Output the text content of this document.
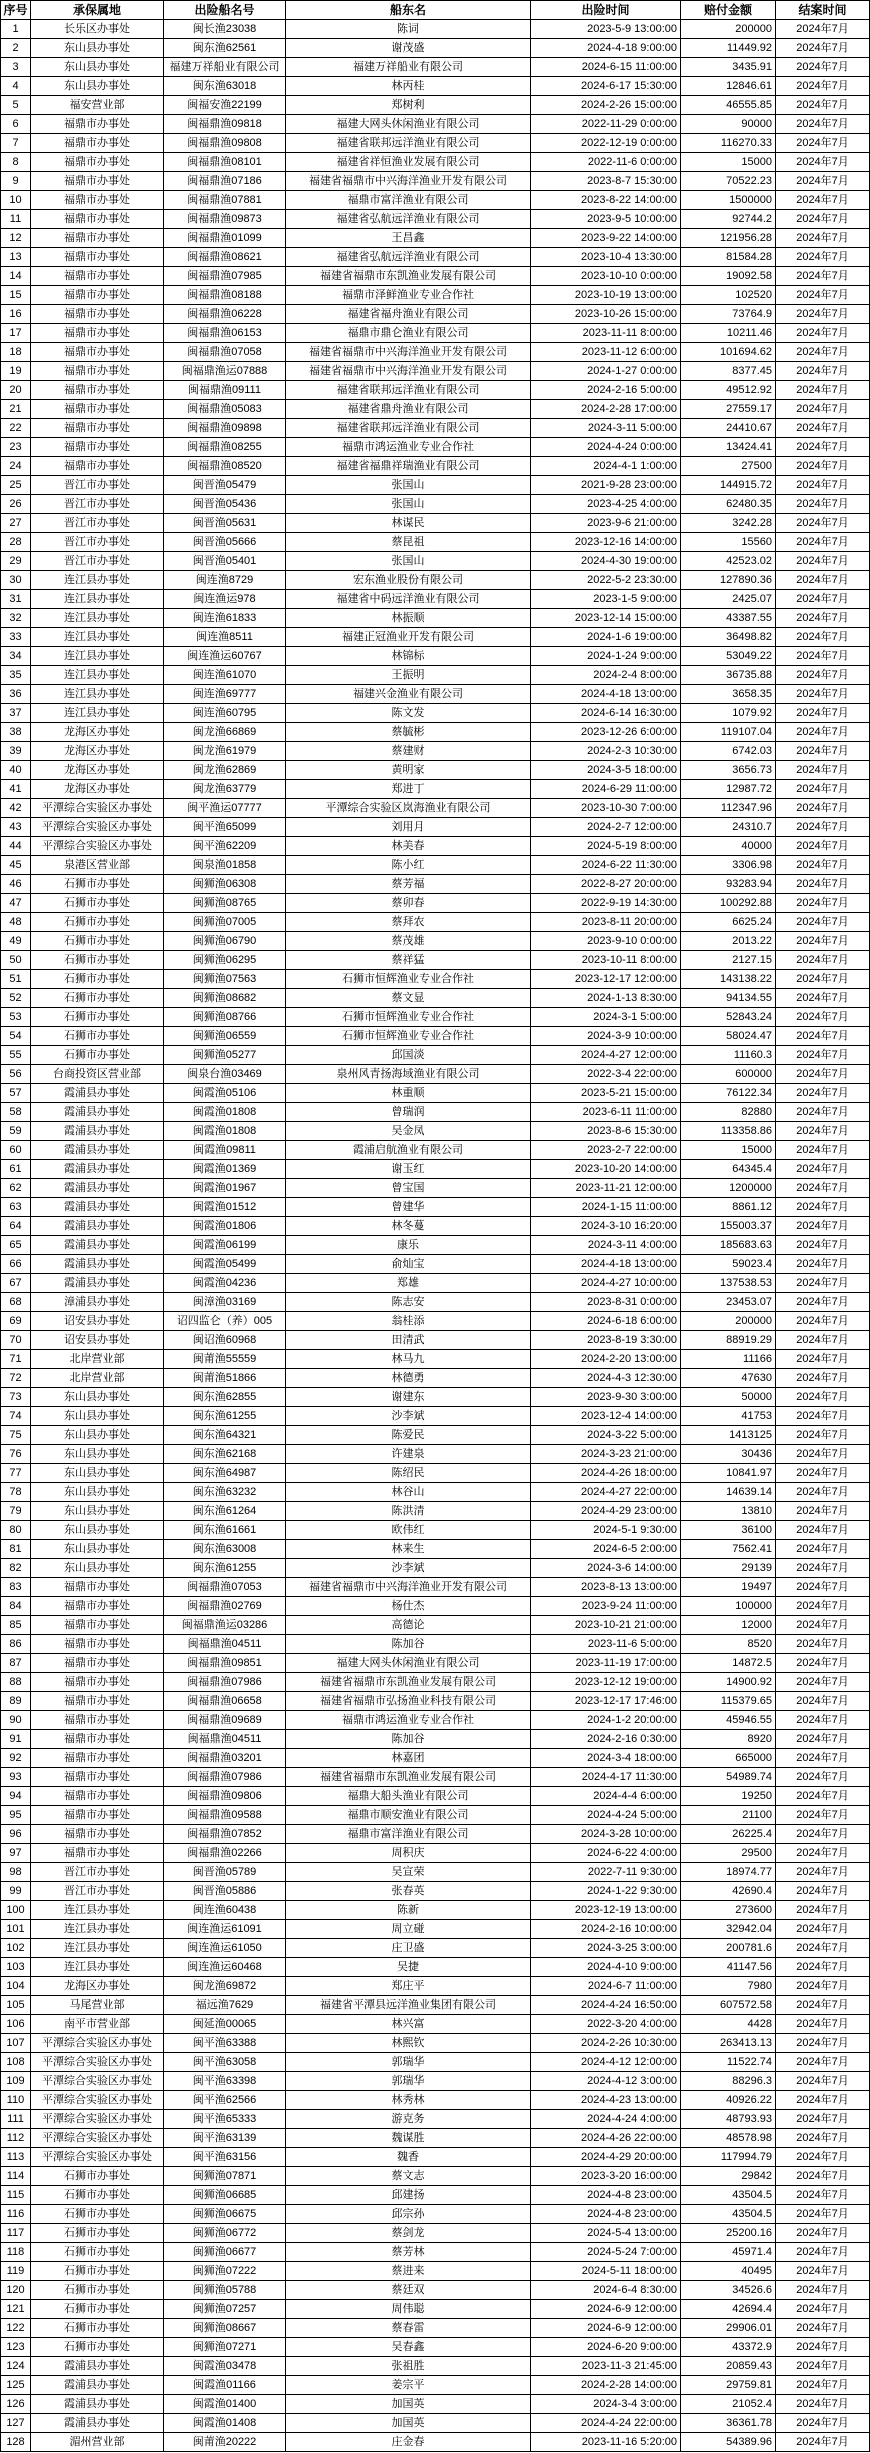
序号	承保属地	出险船名号	船东名	出险时间	赔付金额	结案时间
1	长乐区办事处	闽长渔23038	陈词	2023-5-9 13:00:00	200000	2024年7月
2	东山县办事处	闽东渔62561	谢茂盛	2024-4-18 9:00:00	11449.92	2024年7月
3	东山县办事处	福建万祥船业有限公司	福建万祥船业有限公司	2024-6-15 11:00:00	3435.91	2024年7月
4	东山县办事处	闽东渔63018	林丙桂	2024-6-17 15:30:00	12846.61	2024年7月
5	福安营业部	闽福安渔22199	郑树利	2024-2-26 15:00:00	46555.85	2024年7月
6	福鼎市办事处	闽福鼎渔09818	福建大网头休闲渔业有限公司	2022-11-29 0:00:00	90000	2024年7月
7	福鼎市办事处	闽福鼎渔09808	福建省联邦远洋渔业有限公司	2022-12-19 0:00:00	116270.33	2024年7月
8	福鼎市办事处	闽福鼎渔08101	福建省祥恒渔业发展有限公司	2022-11-6 0:00:00	15000	2024年7月
9	福鼎市办事处	闽福鼎渔07186	福建省福鼎市中兴海洋渔业开发有限公司	2023-8-7 15:30:00	70522.23	2024年7月
10	福鼎市办事处	闽福鼎渔07881	福鼎市富洋渔业有限公司	2023-8-22 14:00:00	1500000	2024年7月
11	福鼎市办事处	闽福鼎渔09873	福建省弘航远洋渔业有限公司	2023-9-5 10:00:00	92744.2	2024年7月
12	福鼎市办事处	闽福鼎渔01099	王昌鑫	2023-9-22 14:00:00	121956.28	2024年7月
13	福鼎市办事处	闽福鼎渔08621	福建省弘航远洋渔业有限公司	2023-10-4 13:30:00	81584.28	2024年7月
14	福鼎市办事处	闽福鼎渔07985	福建省福鼎市东凯渔业发展有限公司	2023-10-10 0:00:00	19092.58	2024年7月
15	福鼎市办事处	闽福鼎渔08188	福鼎市泽鲜渔业专业合作社	2023-10-19 13:00:00	102520	2024年7月
16	福鼎市办事处	闽福鼎渔06228	福建省福舟渔业有限公司	2023-10-26 15:00:00	73764.9	2024年7月
17	福鼎市办事处	闽福鼎渔06153	福鼎市鼎仑渔业有限公司	2023-11-11 8:00:00	10211.46	2024年7月
18	福鼎市办事处	闽福鼎渔07058	福建省福鼎市中兴海洋渔业开发有限公司	2023-11-12 6:00:00	101694.62	2024年7月
19	福鼎市办事处	闽福鼎渔运07888	福建省福鼎市中兴海洋渔业开发有限公司	2024-1-27 0:00:00	8377.45	2024年7月
20	福鼎市办事处	闽福鼎渔09111	福建省联邦远洋渔业有限公司	2024-2-16 5:00:00	49512.92	2024年7月
21	福鼎市办事处	闽福鼎渔05083	福建省鼎舟渔业有限公司	2024-2-28 17:00:00	27559.17	2024年7月
22	福鼎市办事处	闽福鼎渔09898	福建省联邦远洋渔业有限公司	2024-3-11 5:00:00	24410.67	2024年7月
23	福鼎市办事处	闽福鼎渔08255	福鼎市鸿运渔业专业合作社	2024-4-24 0:00:00	13424.41	2024年7月
24	福鼎市办事处	闽福鼎渔08520	福建省福鼎祥瑞渔业有限公司	2024-4-1 1:00:00	27500	2024年7月
25	晋江市办事处	闽晋渔05479	张国山	2021-9-28 23:00:00	144915.72	2024年7月
26	晋江市办事处	闽晋渔05436	张国山	2023-4-25 4:00:00	62480.35	2024年7月
27	晋江市办事处	闽晋渔05631	林谋民	2023-9-6 21:00:00	3242.28	2024年7月
28	晋江市办事处	闽晋渔05666	蔡昆祖	2023-12-16 14:00:00	15560	2024年7月
29	晋江市办事处	闽晋渔05401	张国山	2024-4-30 19:00:00	42523.02	2024年7月
30	连江县办事处	闽连渔8729	宏东渔业股份有限公司	2022-5-2 23:30:00	127890.36	2024年7月
31	连江县办事处	闽连渔运978	福建省中码远洋渔业有限公司	2023-1-5 9:00:00	2425.07	2024年7月
32	连江县办事处	闽连渔61833	林振顺	2023-12-14 15:00:00	43387.55	2024年7月
33	连江县办事处	闽连渔8511	福建正冠渔业开发有限公司	2024-1-6 19:00:00	36498.82	2024年7月
34	连江县办事处	闽连渔运60767	林锦标	2024-1-24 9:00:00	53049.22	2024年7月
35	连江县办事处	闽连渔61070	王振明	2024-2-4 8:00:00	36735.88	2024年7月
36	连江县办事处	闽连渔69777	福建兴金渔业有限公司	2024-4-18 13:00:00	3658.35	2024年7月
37	连江县办事处	闽连渔60795	陈文发	2024-6-14 16:30:00	1079.92	2024年7月
38	龙海区办事处	闽龙渔66869	蔡毓彬	2023-12-26 6:00:00	119107.04	2024年7月
39	龙海区办事处	闽龙渔61979	蔡建财	2024-2-3 10:30:00	6742.03	2024年7月
40	龙海区办事处	闽龙渔62869	黄明家	2024-3-5 18:00:00	3656.73	2024年7月
41	龙海区办事处	闽龙渔63779	郑进丁	2024-6-29 11:00:00	12987.72	2024年7月
42	平潭综合实验区办事处	闽平渔运07777	平潭综合实验区岚海渔业有限公司	2023-10-30 7:00:00	112347.96	2024年7月
43	平潭综合实验区办事处	闽平渔65099	刘用月	2024-2-7 12:00:00	24310.7	2024年7月
44	平潭综合实验区办事处	闽平渔62209	林美春	2024-5-19 8:00:00	40000	2024年7月
45	泉港区营业部	闽泉渔01858	陈小红	2024-6-22 11:30:00	3306.98	2024年7月
46	石狮市办事处	闽狮渔06308	蔡芳福	2022-8-27 20:00:00	93283.94	2024年7月
47	石狮市办事处	闽狮渔08765	蔡卯春	2022-9-19 14:30:00	100292.88	2024年7月
48	石狮市办事处	闽狮渔07005	蔡拜农	2023-8-11 20:00:00	6625.24	2024年7月
49	石狮市办事处	闽狮渔06790	蔡茂雄	2023-9-10 0:00:00	2013.22	2024年7月
50	石狮市办事处	闽狮渔06295	蔡祥猛	2023-10-11 8:00:00	2127.15	2024年7月
51	石狮市办事处	闽狮渔07563	石狮市恒辉渔业专业合作社	2023-12-17 12:00:00	143138.22	2024年7月
52	石狮市办事处	闽狮渔08682	蔡文显	2024-1-13 8:30:00	94134.55	2024年7月
53	石狮市办事处	闽狮渔08766	石狮市恒辉渔业专业合作社	2024-3-1 5:00:00	52843.24	2024年7月
54	石狮市办事处	闽狮渔06559	石狮市恒辉渔业专业合作社	2024-3-9 10:00:00	58024.47	2024年7月
55	石狮市办事处	闽狮渔05277	邱国淡	2024-4-27 12:00:00	11160.3	2024年7月
56	台商投资区营业部	闽泉台渔03469	泉州风青扬海域渔业有限公司	2022-3-4 22:00:00	600000	2024年7月
57	霞浦县办事处	闽霞渔05106	林重顺	2023-5-21 15:00:00	76122.34	2024年7月
58	霞浦县办事处	闽霞渔01808	曾瑞润	2023-6-11 11:00:00	82880	2024年7月
59	霞浦县办事处	闽霞渔01808	吴金凤	2023-8-6 15:30:00	113358.86	2024年7月
60	霞浦县办事处	闽霞渔09811	霞浦启航渔业有限公司	2023-2-7 22:00:00	15000	2024年7月
61	霞浦县办事处	闽霞渔01369	谢玉红	2023-10-20 14:00:00	64345.4	2024年7月
62	霞浦县办事处	闽霞渔01967	曾宝国	2023-11-21 12:00:00	1200000	2024年7月
63	霞浦县办事处	闽霞渔01512	曾建华	2024-1-15 11:00:00	8861.12	2024年7月
64	霞浦县办事处	闽霞渔01806	林冬蔓	2024-3-10 16:20:00	155003.37	2024年7月
65	霞浦县办事处	闽霞渔06199	康乐	2024-3-11 4:00:00	185683.63	2024年7月
66	霞浦县办事处	闽霞渔05499	俞灿宝	2024-4-18 13:00:00	59023.4	2024年7月
67	霞浦县办事处	闽霞渔04236	郑雄	2024-4-27 10:00:00	137538.53	2024年7月
68	漳浦县办事处	闽漳渔03169	陈志安	2023-8-31 0:00:00	23453.07	2024年7月
69	诏安县办事处	诏四监仑（养）005	翁桂添	2024-6-18 6:00:00	200000	2024年7月
70	诏安县办事处	闽诏渔60968	田清武	2023-8-19 3:30:00	88919.29	2024年7月
71	北岸营业部	闽莆渔55559	林马九	2024-2-20 13:00:00	11166	2024年7月
72	北岸营业部	闽莆渔51866	林德勇	2024-4-3 12:30:00	47630	2024年7月
73	东山县办事处	闽东渔62855	谢建东	2023-9-30 3:00:00	50000	2024年7月
74	东山县办事处	闽东渔61255	沙李斌	2023-12-4 14:00:00	41753	2024年7月
75	东山县办事处	闽东渔64321	陈爱民	2024-3-22 5:00:00	1413125	2024年7月
76	东山县办事处	闽东渔62168	许建泉	2024-3-23 21:00:00	30436	2024年7月
77	东山县办事处	闽东渔64987	陈绍民	2024-4-26 18:00:00	10841.97	2024年7月
78	东山县办事处	闽东渔63232	林谷山	2024-4-27 22:00:00	14639.14	2024年7月
79	东山县办事处	闽东渔61264	陈洪清	2024-4-29 23:00:00	13810	2024年7月
80	东山县办事处	闽东渔61661	欧伟红	2024-5-1 9:30:00	36100	2024年7月
81	东山县办事处	闽东渔63008	林来生	2024-6-5 2:00:00	7562.41	2024年7月
82	东山县办事处	闽东渔61255	沙李斌	2024-3-6 14:00:00	29139	2024年7月
83	福鼎市办事处	闽福鼎渔07053	福建省福鼎市中兴海洋渔业开发有限公司	2023-8-13 13:00:00	19497	2024年7月
84	福鼎市办事处	闽福鼎渔02769	杨仕杰	2023-9-24 11:00:00	100000	2024年7月
85	福鼎市办事处	闽福鼎渔运03286	高德论	2023-10-21 21:00:00	12000	2024年7月
86	福鼎市办事处	闽福鼎渔04511	陈加谷	2023-11-6 5:00:00	8520	2024年7月
87	福鼎市办事处	闽福鼎渔09851	福建大网头休闲渔业有限公司	2023-11-19 17:00:00	14872.5	2024年7月
88	福鼎市办事处	闽福鼎渔07986	福建省福鼎市东凯渔业发展有限公司	2023-12-12 19:00:00	14900.92	2024年7月
89	福鼎市办事处	闽福鼎渔06658	福建省福鼎市弘扬渔业科技有限公司	2023-12-17 17:46:00	115379.65	2024年7月
90	福鼎市办事处	闽福鼎渔09689	福鼎市鸿运渔业专业合作社	2024-1-2 20:00:00	45946.55	2024年7月
91	福鼎市办事处	闽福鼎渔04511	陈加谷	2024-2-16 0:30:00	8920	2024年7月
92	福鼎市办事处	闽福鼎渔03201	林嘉团	2024-3-4 18:00:00	665000	2024年7月
93	福鼎市办事处	闽福鼎渔07986	福建省福鼎市东凯渔业发展有限公司	2024-4-17 11:30:00	54989.74	2024年7月
94	福鼎市办事处	闽福鼎渔09806	福鼎大船头渔业有限公司	2024-4-4 6:00:00	19250	2024年7月
95	福鼎市办事处	闽福鼎渔09588	福鼎市顺安渔业有限公司	2024-4-24 5:00:00	21100	2024年7月
96	福鼎市办事处	闽福鼎渔07852	福鼎市富洋渔业有限公司	2024-3-28 10:00:00	26225.4	2024年7月
97	福鼎市办事处	闽福鼎渔02266	周积庆	2024-6-22 4:00:00	29500	2024年7月
98	晋江市办事处	闽晋渔05789	吴宣荣	2022-7-11 9:30:00	18974.77	2024年7月
99	晋江市办事处	闽晋渔05886	张春英	2024-1-22 9:30:00	42690.4	2024年7月
100	连江县办事处	闽连渔60438	陈新	2023-12-19 13:00:00	273600	2024年7月
101	连江县办事处	闽连渔运61091	周立碰	2024-2-16 10:00:00	32942.04	2024年7月
102	连江县办事处	闽连渔运61050	庄卫盛	2024-3-25 3:00:00	200781.6	2024年7月
103	连江县办事处	闽连渔运60468	吴捷	2024-4-10 9:00:00	41147.56	2024年7月
104	龙海区办事处	闽龙渔69872	郑庄平	2024-6-7 11:00:00	7980	2024年7月
105	马尾营业部	福远渔7629	福建省平潭县远洋渔业集团有限公司	2024-4-24 16:50:00	607572.58	2024年7月
106	南平市营业部	闽延渔00065	林兴富	2022-3-20 4:00:00	4428	2024年7月
107	平潭综合实验区办事处	闽平渔63388	林熙钦	2024-2-26 10:30:00	263413.13	2024年7月
108	平潭综合实验区办事处	闽平渔63058	郭瑞华	2024-4-12 12:00:00	11522.74	2024年7月
109	平潭综合实验区办事处	闽平渔63398	郭瑞华	2024-4-12 3:00:00	88296.3	2024年7月
110	平潭综合实验区办事处	闽平渔62566	林秀林	2024-4-23 13:00:00	40926.22	2024年7月
111	平潭综合实验区办事处	闽平渔65333	游克务	2024-4-24 4:00:00	48793.93	2024年7月
112	平潭综合实验区办事处	闽平渔63139	魏谋胜	2024-4-26 22:00:00	48578.98	2024年7月
113	平潭综合实验区办事处	闽平渔63156	魏香	2024-4-29 20:00:00	117994.79	2024年7月
114	石狮市办事处	闽狮渔07871	蔡文志	2023-3-20 16:00:00	29842	2024年7月
115	石狮市办事处	闽狮渔06685	邱建扬	2024-4-8 23:00:00	43504.5	2024年7月
116	石狮市办事处	闽狮渔06675	邱宗孙	2024-4-8 23:00:00	43504.5	2024年7月
117	石狮市办事处	闽狮渔06772	蔡剑龙	2024-5-4 13:00:00	25200.16	2024年7月
118	石狮市办事处	闽狮渔06677	蔡芳林	2024-5-24 7:00:00	45971.4	2024年7月
119	石狮市办事处	闽狮渔07222	蔡进来	2024-5-11 18:00:00	40495	2024年7月
120	石狮市办事处	闽狮渔05788	蔡廷双	2024-6-4 8:30:00	34526.6	2024年7月
121	石狮市办事处	闽狮渔07257	周伟聪	2024-6-9 12:00:00	42694.4	2024年7月
122	石狮市办事处	闽狮渔08667	蔡春雷	2024-6-9 12:00:00	29906.01	2024年7月
123	石狮市办事处	闽狮渔07271	吴春鑫	2024-6-20 9:00:00	43372.9	2024年7月
124	霞浦县办事处	闽霞渔03478	张祖胜	2023-11-3 21:45:00	20859.43	2024年7月
125	霞浦县办事处	闽霞渔01166	姜宗平	2024-2-28 14:00:00	29759.81	2024年7月
126	霞浦县办事处	闽霞渔01400	加国英	2024-3-4 3:00:00	21052.4	2024年7月
127	霞浦县办事处	闽霞渔01408	加国英	2024-4-24 22:00:00	36361.78	2024年7月
128	湄州营业部	闽莆渔20222	庄金春	2023-11-16 5:20:00	54389.96	2024年7月
